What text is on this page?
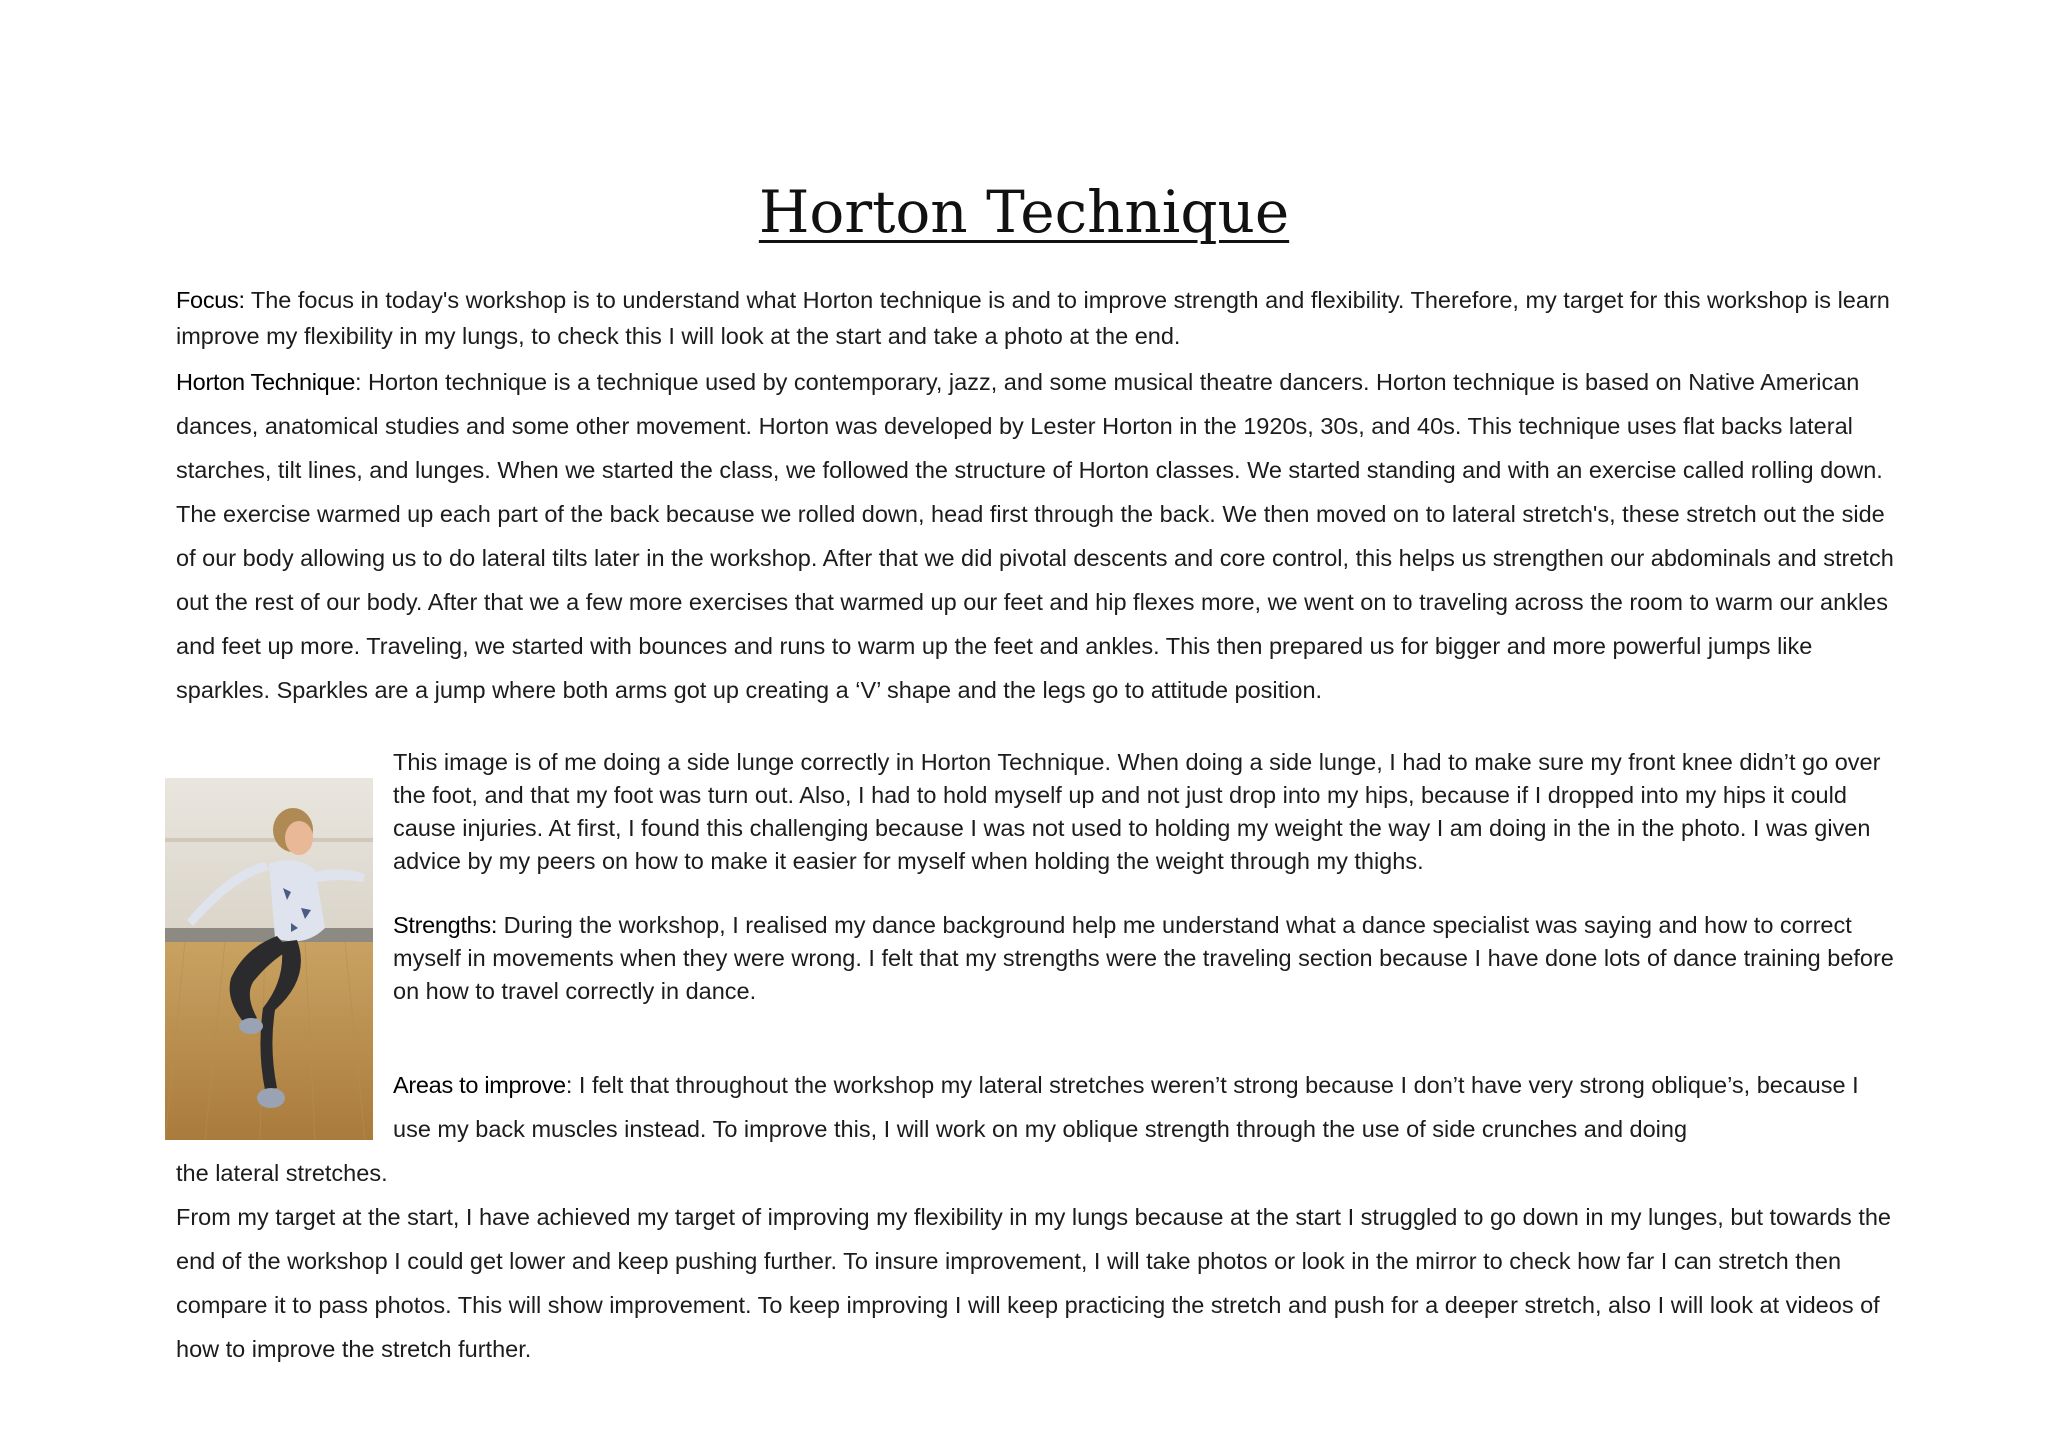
Horton Technique

Focus: The focus in today's workshop is to understand what Horton technique is and to improve strength and flexibility. Therefore, my target for this workshop is learn improve my flexibility in my lungs, to check this I will look at the start and take a photo at the end.

Horton Technique: Horton technique is a technique used by contemporary, jazz, and some musical theatre dancers. Horton technique is based on Native American dances, anatomical studies and some other movement. Horton was developed by Lester Horton in the 1920s, 30s, and 40s. This technique uses flat backs lateral starches, tilt lines, and lunges. When we started the class, we followed the structure of Horton classes. We started standing and with an exercise called rolling down. The exercise warmed up each part of the back because we rolled down, head first through the back. We then moved on to lateral stretch's, these stretch out the side of our body allowing us to do lateral tilts later in the workshop. After that we did pivotal descents and core control, this helps us strengthen our abdominals and stretch out the rest of our body. After that we a few more exercises that warmed up our feet and hip flexes more, we went on to traveling across the room to warm our ankles and feet up more. Traveling, we started with bounces and runs to warm up the feet and ankles. This then prepared us for bigger and more powerful jumps like sparkles. Sparkles are a jump where both arms got up creating a ‘V’ shape and the legs go to attitude position.

This image is of me doing a side lunge correctly in Horton Technique. When doing a side lunge, I had to make sure my front knee didn’t go over the foot, and that my foot was turn out. Also, I had to hold myself up and not just drop into my hips, because if I dropped into my hips it could cause injuries. At first, I found this challenging because I was not used to holding my weight the way I am doing in the in the photo. I was given advice by my peers on how to make it easier for myself when holding the weight through my thighs.

Strengths: During the workshop, I realised my dance background help me understand what a dance specialist was saying and how to correct myself in movements when they were wrong. I felt that my strengths were the traveling section because I have done lots of dance training before on how to travel correctly in dance.

Areas to improve: I felt that throughout the workshop my lateral stretches weren’t strong because I don’t have very strong oblique’s, because I use my back muscles instead. To improve this, I will work on my oblique strength through the use of side crunches and doing

the lateral stretches.

From my target at the start, I have achieved my target of improving my flexibility in my lungs because at the start I struggled to go down in my lunges, but towards the end of the workshop I could get lower and keep pushing further. To insure improvement, I will take photos or look in the mirror to check how far I can stretch then compare it to pass photos. This will show improvement. To keep improving I will keep practicing the stretch and push for a deeper stretch, also I will look at videos of how to improve the stretch further.
